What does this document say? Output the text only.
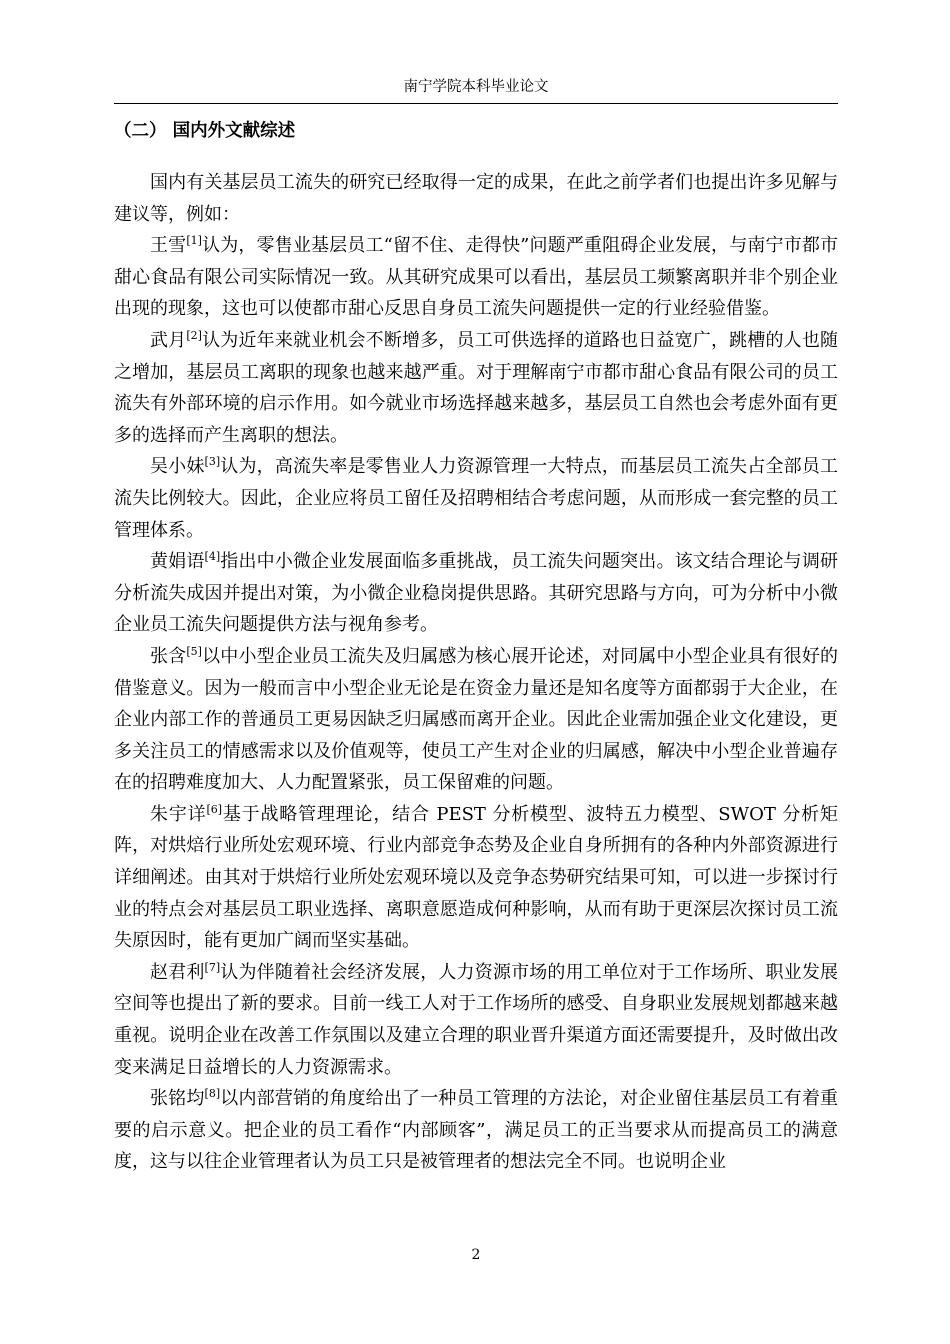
南宁学院本科毕业论文
（二） 国内外文献综述

国内有关基层员工流失的研究已经取得一定的成果，在此之前学者们也提出许多见解与建议等，例如：

王雪[1]认为，零售业基层员工“留不住、走得快”问题严重阻碍企业发展，与南宁市都市甜心食品有限公司实际情况一致。从其研究成果可以看出，基层员工频繁离职并非个别企业出现的现象，这也可以使都市甜心反思自身员工流失问题提供一定的行业经验借鉴。

武月[2]认为近年来就业机会不断增多，员工可供选择的道路也日益宽广，跳槽的人也随之增加，基层员工离职的现象也越来越严重。对于理解南宁市都市甜心食品有限公司的员工流失有外部环境的启示作用。如今就业市场选择越来越多，基层员工自然也会考虑外面有更多的选择而产生离职的想法。

吴小妹[3]认为，高流失率是零售业人力资源管理一大特点，而基层员工流失占全部员工流失比例较大。因此，企业应将员工留任及招聘相结合考虑问题，从而形成一套完整的员工管理体系。

黄娟语[4]指出中小微企业发展面临多重挑战，员工流失问题突出。该文结合理论与调研分析流失成因并提出对策，为小微企业稳岗提供思路。其研究思路与方向，可为分析中小微企业员工流失问题提供方法与视角参考。

张含[5]以中小型企业员工流失及归属感为核心展开论述，对同属中小型企业具有很好的借鉴意义。因为一般而言中小型企业无论是在资金力量还是知名度等方面都弱于大企业，在企业内部工作的普通员工更易因缺乏归属感而离开企业。因此企业需加强企业文化建设，更多关注员工的情感需求以及价值观等，使员工产生对企业的归属感，解决中小型企业普遍存在的招聘难度加大、人力配置紧张，员工保留难的问题。

朱宇详[6]基于战略管理理论，结合 PEST 分析模型、波特五力模型、SWOT 分析矩阵，对烘焙行业所处宏观环境、行业内部竞争态势及企业自身所拥有的各种内外部资源进行详细阐述。由其对于烘焙行业所处宏观环境以及竞争态势研究结果可知，可以进一步探讨行业的特点会对基层员工职业选择、离职意愿造成何种影响，从而有助于更深层次探讨员工流失原因时，能有更加广阔而坚实基础。

赵君利[7]认为伴随着社会经济发展，人力资源市场的用工单位对于工作场所、职业发展空间等也提出了新的要求。目前一线工人对于工作场所的感受、自身职业发展规划都越来越重视。说明企业在改善工作氛围以及建立合理的职业晋升渠道方面还需要提升，及时做出改变来满足日益增长的人力资源需求。

张铭均[8]以内部营销的角度给出了一种员工管理的方法论，对企业留住基层员工有着重要的启示意义。把企业的员工看作“内部顾客”，满足员工的正当要求从而提高员工的满意度，这与以往企业管理者认为员工只是被管理者的想法完全不同。也说明企业

2
